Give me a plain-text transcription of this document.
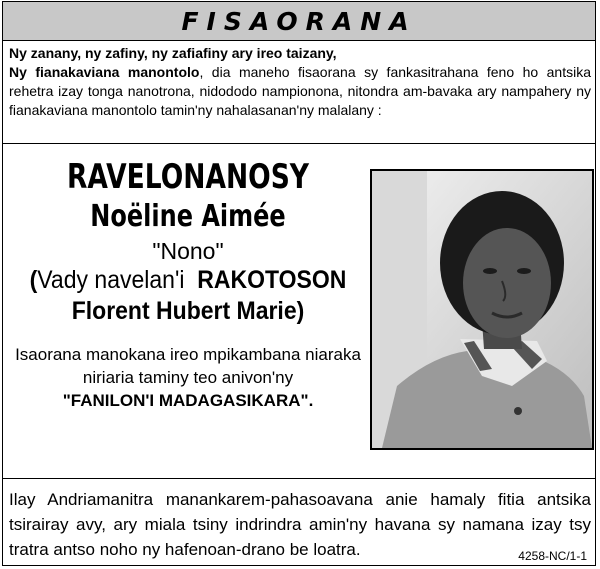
FISAORANA
Ny zanany, ny zafiny, ny zafiafiny ary ireo taizany,
Ny fianakaviana manontolo, dia maneho fisaorana sy fankasitrahana feno ho antsika rehetra izay tonga nanotrona, nidododo nampionona, nitondra am-bavaka ary nampahery ny fianakaviana manontolo tamin'ny nahalasanan'ny malalany :
RAVELONANOSY
Noëline Aimée
"Nono"
(Vady navelan'i RAKOTOSON
Florent Hubert Marie)
Isaorana manokana ireo mpikambana niaraka
niriaria taminy teo anivon'ny
"FANILON'I MADAGASIKARA".
Ilay Andriamanitra manankarem-pahasoavana anie hamaly fitia antsika tsirairay avy, ary miala tsiny indrindra amin'ny havana sy namana izay tsy tratra antso noho ny hafenoan-drano be loatra.	4258-NC/1-1
